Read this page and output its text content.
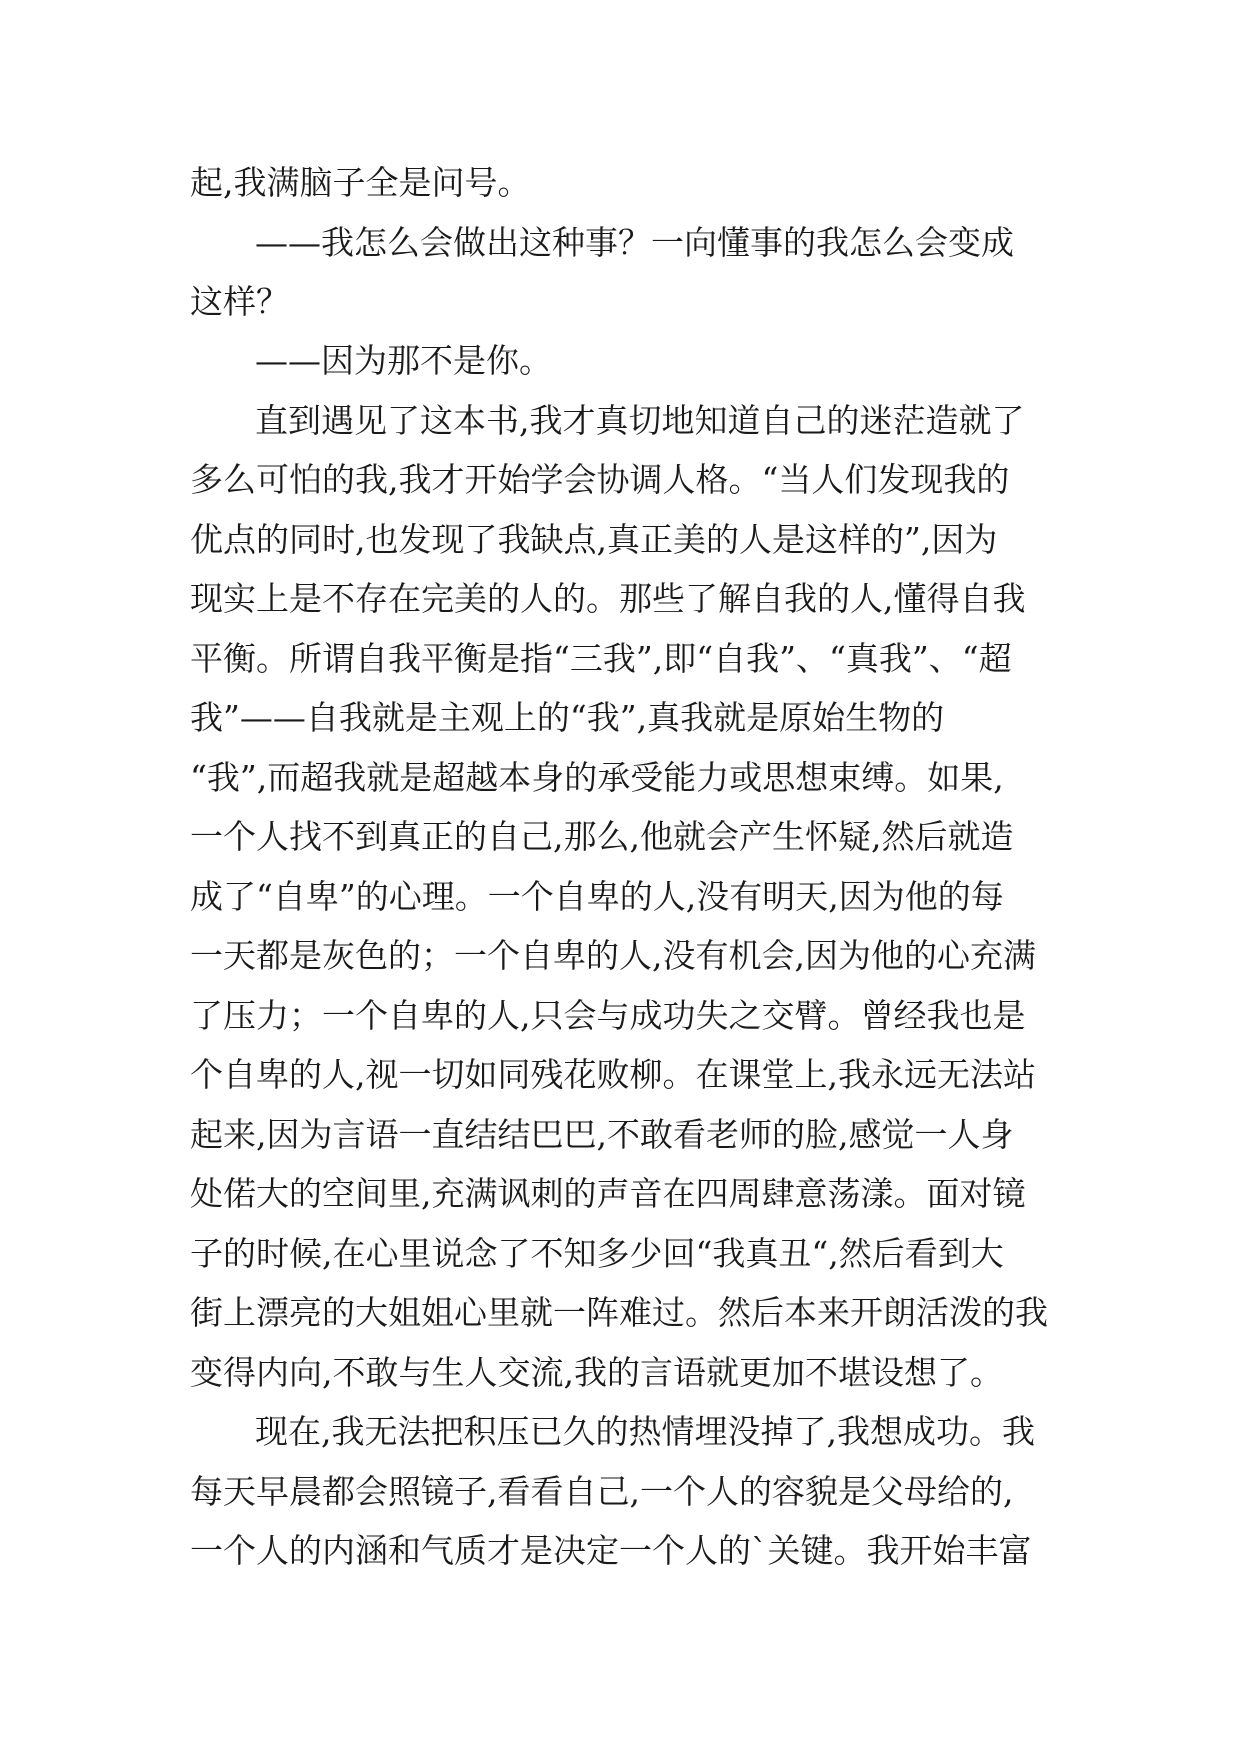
起,我满脑子全是问号。
——我怎么会做出这种事？一向懂事的我怎么会变成
这样？
——因为那不是你。
直到遇见了这本书,我才真切地知道自己的迷茫造就了
多么可怕的我,我才开始学会协调人格。“当人们发现我的
优点的同时,也发现了我缺点,真正美的人是这样的”,因为
现实上是不存在完美的人的。那些了解自我的人,懂得自我
平衡。所谓自我平衡是指“三我”,即“自我”、“真我”、“超
我”——自我就是主观上的“我”,真我就是原始生物的
“我”,而超我就是超越本身的承受能力或思想束缚。如果,
一个人找不到真正的自己,那么,他就会产生怀疑,然后就造
成了“自卑”的心理。一个自卑的人,没有明天,因为他的每
一天都是灰色的；一个自卑的人,没有机会,因为他的心充满
了压力；一个自卑的人,只会与成功失之交臂。曾经我也是
个自卑的人,视一切如同残花败柳。在课堂上,我永远无法站
起来,因为言语一直结结巴巴,不敢看老师的脸,感觉一人身
处偌大的空间里,充满讽刺的声音在四周肆意荡漾。面对镜
子的时候,在心里说念了不知多少回“我真丑“,然后看到大
街上漂亮的大姐姐心里就一阵难过。然后本来开朗活泼的我
变得内向,不敢与生人交流,我的言语就更加不堪设想了。
现在,我无法把积压已久的热情埋没掉了,我想成功。我
每天早晨都会照镜子,看看自己,一个人的容貌是父母给的,
一个人的内涵和气质才是决定一个人的`关键。我开始丰富
